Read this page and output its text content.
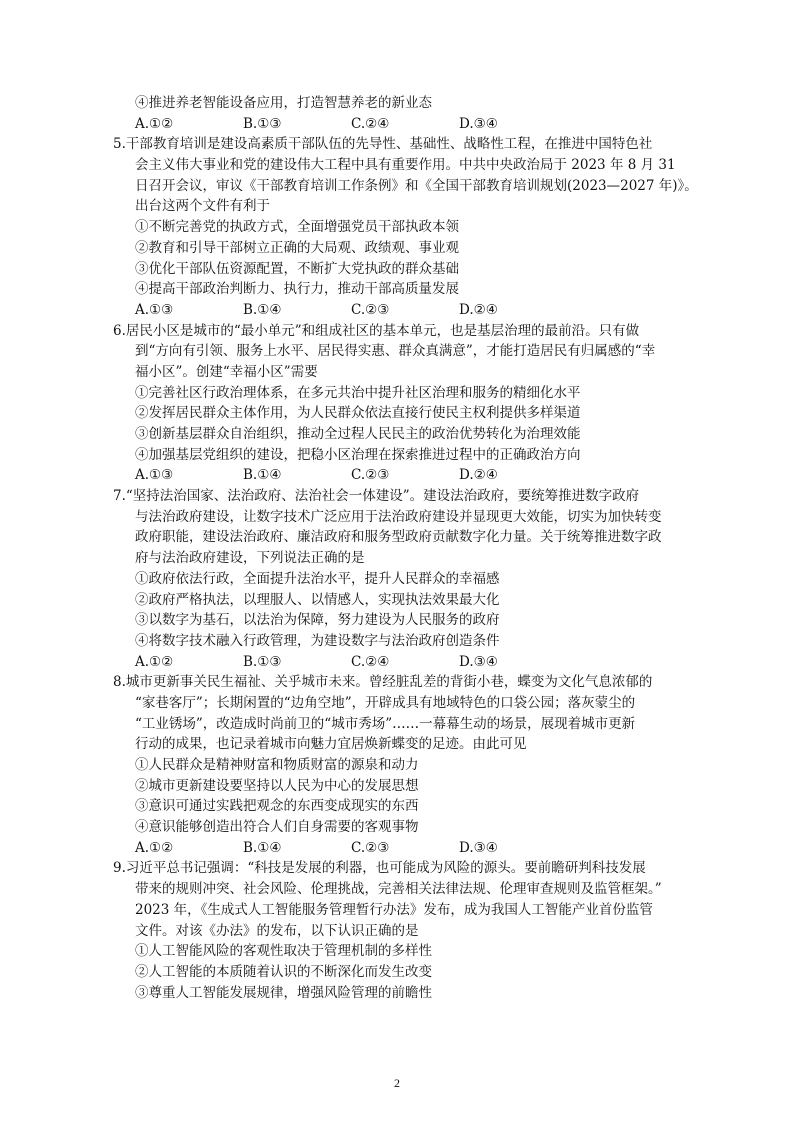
④推进养老智能设备应用，打造智慧养老的新业态
A.①②	B.①③	C.②④	D.③④
5.干部教育培训是建设高素质干部队伍的先导性、基础性、战略性工程，在推进中国特色社
会主义伟大事业和党的建设伟大工程中具有重要作用。中共中央政治局于 2023 年 8 月 31
日召开会议，审议《干部教育培训工作条例》和《全国干部教育培训规划(2023—2027 年)》。
出台这两个文件有利于
①不断完善党的执政方式，全面增强党员干部执政本领
②教育和引导干部树立正确的大局观、政绩观、事业观
③优化干部队伍资源配置，不断扩大党执政的群众基础
④提高干部政治判断力、执行力，推动干部高质量发展
A.①③	B.①④	C.②③	D.②④
6.居民小区是城市的“最小单元”和组成社区的基本单元，也是基层治理的最前沿。只有做
到“方向有引领、服务上水平、居民得实惠、群众真满意”，才能打造居民有归属感的“幸
福小区”。创建“幸福小区”需要
①完善社区行政治理体系，在多元共治中提升社区治理和服务的精细化水平
②发挥居民群众主体作用，为人民群众依法直接行使民主权利提供多样渠道
③创新基层群众自治组织，推动全过程人民民主的政治优势转化为治理效能
④加强基层党组织的建设，把稳小区治理在探索推进过程中的正确政治方向
A.①③	B.①④	C.②③	D.②④
7.“坚持法治国家、法治政府、法治社会一体建设”。建设法治政府，要统筹推进数字政府
与法治政府建设，让数字技术广泛应用于法治政府建设并显现更大效能，切实为加快转变
政府职能，建设法治政府、廉洁政府和服务型政府贡献数字化力量。关于统筹推进数字政
府与法治政府建设，下列说法正确的是
①政府依法行政，全面提升法治水平，提升人民群众的幸福感
②政府严格执法，以理服人、以情感人，实现执法效果最大化
③以数字为基石，以法治为保障，努力建设为人民服务的政府
④将数字技术融入行政管理，为建设数字与法治政府创造条件
A.①②	B.①③	C.②④	D.③④
8.城市更新事关民生福祉、关乎城市未来。曾经脏乱差的背街小巷，蝶变为文化气息浓郁的
“家巷客厅”；长期闲置的“边角空地”，开辟成具有地域特色的口袋公园；落灰蒙尘的
“工业锈场”，改造成时尚前卫的“城市秀场”……一幕幕生动的场景，展现着城市更新
行动的成果，也记录着城市向魅力宜居焕新蝶变的足迹。由此可见
①人民群众是精神财富和物质财富的源泉和动力
②城市更新建设要坚持以人民为中心的发展思想
③意识可通过实践把观念的东西变成现实的东西
④意识能够创造出符合人们自身需要的客观事物
A.①②	B.①④	C.②③	D.③④
9.习近平总书记强调：“科技是发展的利器，也可能成为风险的源头。要前瞻研判科技发展
带来的规则冲突、社会风险、伦理挑战，完善相关法律法规、伦理审查规则及监管框架。”
2023 年，《生成式人工智能服务管理暂行办法》发布，成为我国人工智能产业首份监管
文件。对该《办法》的发布，以下认识正确的是
①人工智能风险的客观性取决于管理机制的多样性
②人工智能的本质随着认识的不断深化而发生改变
③尊重人工智能发展规律，增强风险管理的前瞻性
2
